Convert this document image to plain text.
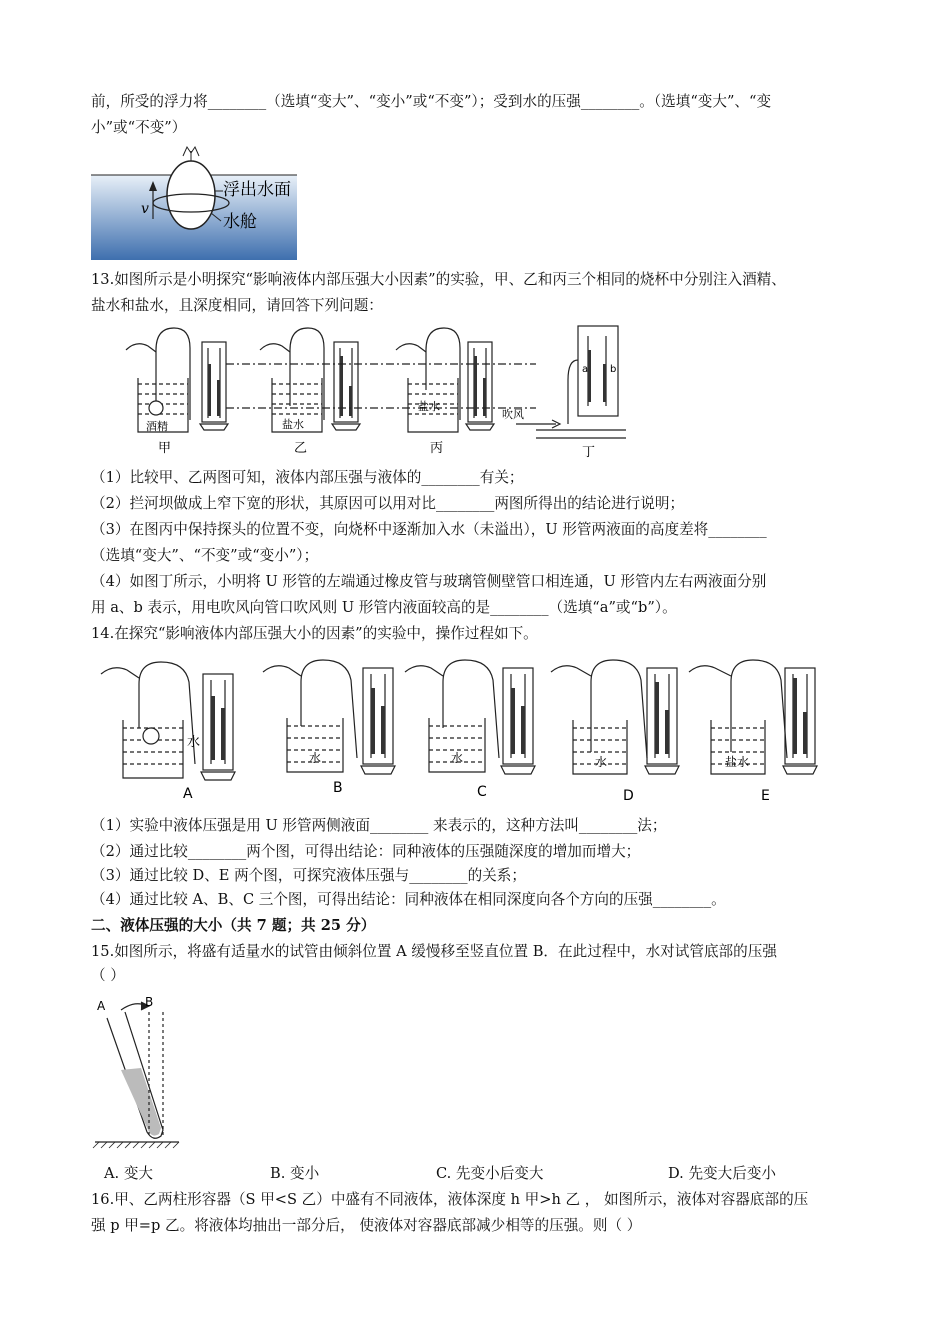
前，所受的浮力将________（选填“变大”、“变小”或“不变”）；受到水的压强________。（选填“变大”、“变
小”或“不变”）
v
浮出水面
水舱
13.如图所示是小明探究“影响液体内部压强大小因素”的实验，甲、乙和丙三个相同的烧杯中分别注入酒精、
盐水和盐水，且深度相同，请回答下列问题：
酒精	盐水
盐水
吹风
a b
甲	乙	丙	丁
（1）比较甲、乙两图可知，液体内部压强与液体的________有关；
（2）拦河坝做成上窄下宽的形状，其原因可以用对比________两图所得出的结论进行说明；
（3）在图丙中保持探头的位置不变，向烧杯中逐渐加入水（未溢出），U 形管两液面的高度差将________
（选填“变大”、“不变”或“变小”）；
（4）如图丁所示，小明将 U 形管的左端通过橡皮管与玻璃管侧壁管口相连通，U 形管内左右两液面分别
用 a、b 表示，用电吹风向管口吹风则 U 形管内液面较高的是________（选填“a”或“b”）。
14.在探究“影响液体内部压强大小的因素”的实验中，操作过程如下。
水
水	水	水	盐水
A	B	C	D	E
（1）实验中液体压强是用 U 形管两侧液面________ 来表示的，这种方法叫________法；
（2）通过比较________两个图，可得出结论：同种液体的压强随深度的增加而增大；
（3）通过比较 D、E 两个图，可探究液体压强与________的关系；
（4）通过比较 A、B、C 三个图，可得出结论：同种液体在相同深度向各个方向的压强________。
二、液体压强的大小（共 7 题；共 25 分）
15.如图所示，将盛有适量水的试管由倾斜位置 A 缓慢移至竖直位置 B．在此过程中，水对试管底部的压强
（ ）
A	B
A. 变大	B. 变小	C. 先变小后变大	D. 先变大后变小
16.甲、乙两柱形容器（S 甲<S 乙）中盛有不同液体，液体深度 h 甲>h 乙 ， 如图所示，液体对容器底部的压
强 p 甲=p 乙。将液体均抽出一部分后， 使液体对容器底部减少相等的压强。则（ ）
